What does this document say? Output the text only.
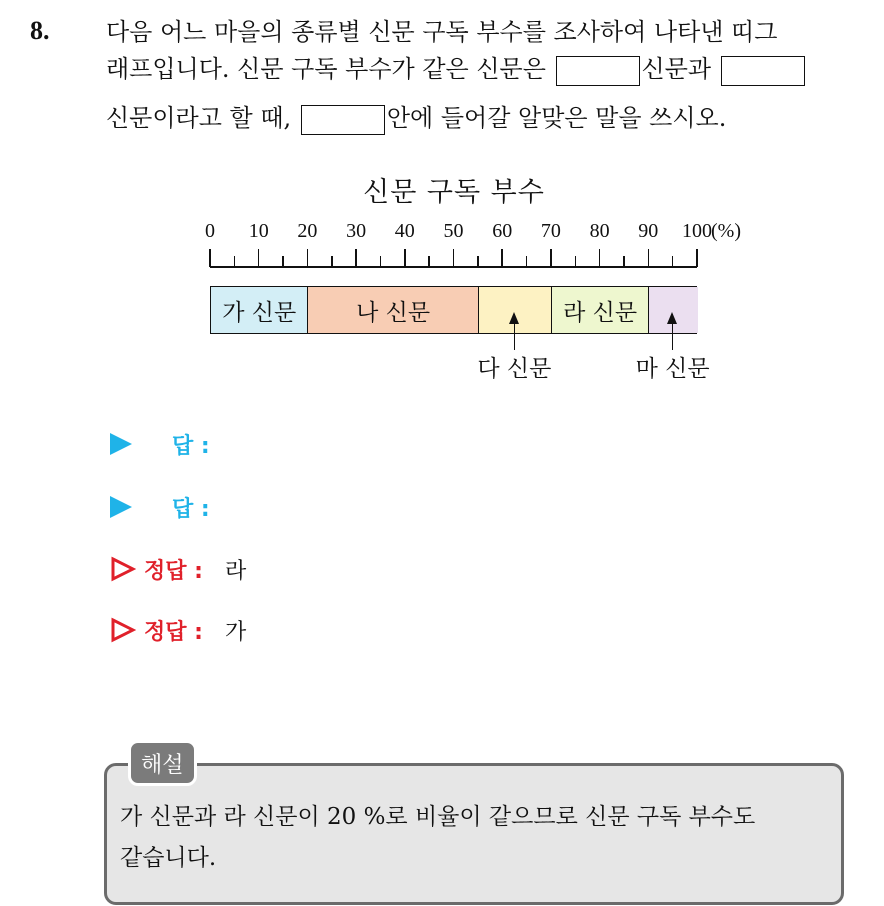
8. 다음 어느 마을의 종류별 신문 구독 부수를 조사하여 나타낸 띠그
래프입니다. 신문 구독 부수가 같은 신문은	신문과
신문이라고 할 때,	안에 들어갈 알맞은 말을 쓰시오.
신문 구독 부수
0 10 20 30 40 50 60 70 80 90 100 (%)
가 신문	나 신문	라 신문
다 신문	마 신문
답 :
답 :
정답 : 라
정답 : 가
해설
가 신문과 라 신문이 20 %로 비율이 같으므로 신문 구독 부수도
같습니다.
